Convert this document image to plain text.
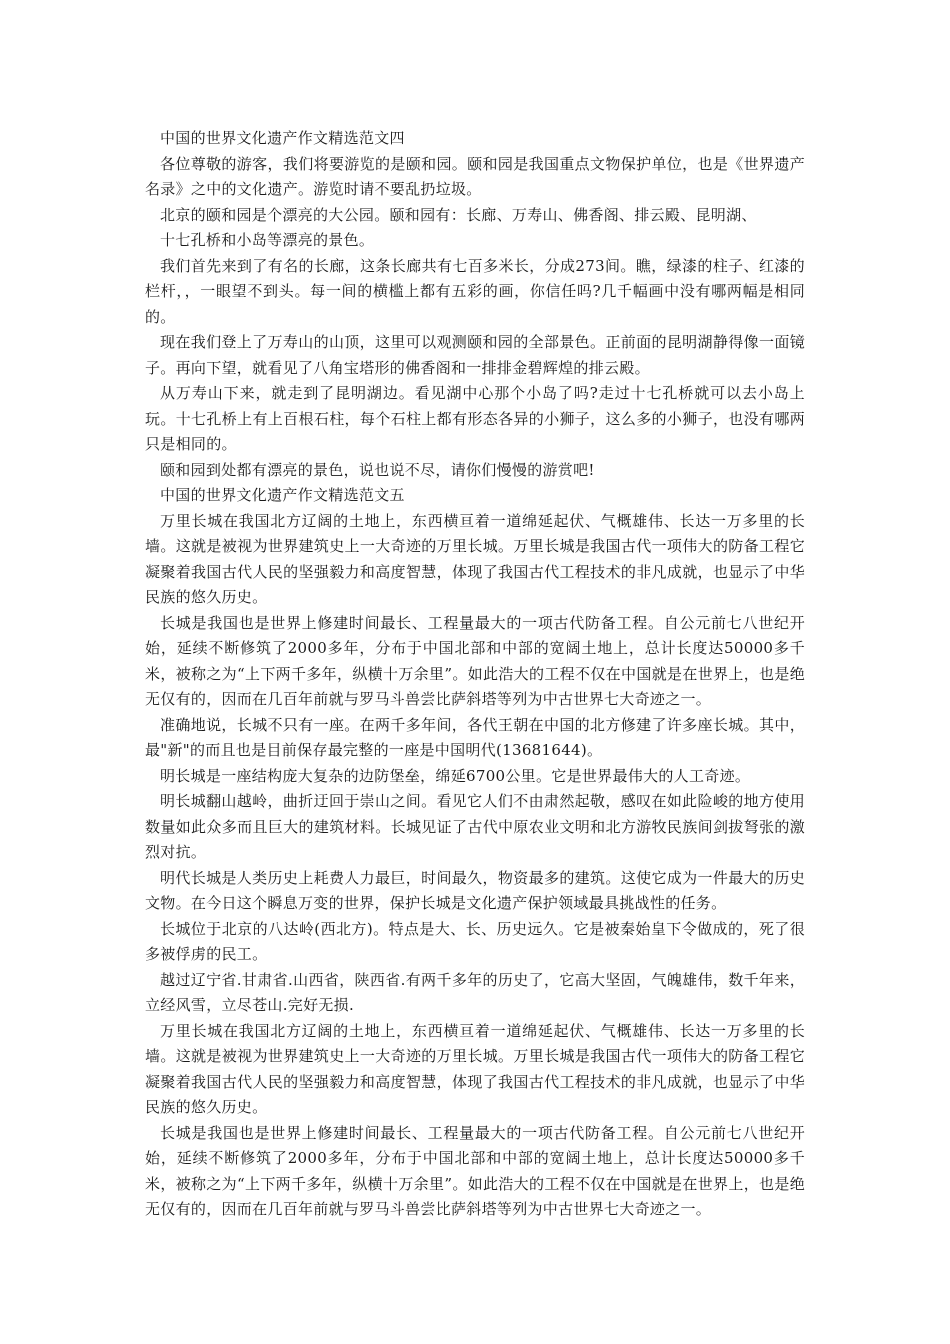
中国的世界文化遗产作文精选范文四

各位尊敬的游客，我们将要游览的是颐和园。颐和园是我国重点文物保护单位，也是《世界遗产名录》之中的文化遗产。游览时请不要乱扔垃圾。

北京的颐和园是个漂亮的大公园。颐和园有：长廊、万寿山、佛香阁、排云殿、昆明湖、

十七孔桥和小岛等漂亮的景色。

我们首先来到了有名的长廊，这条长廊共有七百多米长，分成273间。瞧，绿漆的柱子、红漆的栏杆，，一眼望不到头。每一间的横槛上都有五彩的画，你信任吗?几千幅画中没有哪两幅是相同的。

现在我们登上了万寿山的山顶，这里可以观测颐和园的全部景色。正前面的昆明湖静得像一面镜子。再向下望，就看见了八角宝塔形的佛香阁和一排排金碧辉煌的排云殿。

从万寿山下来，就走到了昆明湖边。看见湖中心那个小岛了吗?走过十七孔桥就可以去小岛上玩。十七孔桥上有上百根石柱，每个石柱上都有形态各异的小狮子，这么多的小狮子，也没有哪两只是相同的。

颐和园到处都有漂亮的景色，说也说不尽，请你们慢慢的游赏吧!

中国的世界文化遗产作文精选范文五

万里长城在我国北方辽阔的土地上，东西横亘着一道绵延起伏、气概雄伟、长达一万多里的长墙。这就是被视为世界建筑史上一大奇迹的万里长城。万里长城是我国古代一项伟大的防备工程它凝聚着我国古代人民的坚强毅力和高度智慧，体现了我国古代工程技术的非凡成就，也显示了中华民族的悠久历史。

长城是我国也是世界上修建时间最长、工程量最大的一项古代防备工程。自公元前七八世纪开始，延续不断修筑了2000多年，分布于中国北部和中部的宽阔土地上，总计长度达50000多千米，被称之为“上下两千多年，纵横十万余里”。如此浩大的工程不仅在中国就是在世界上，也是绝无仅有的，因而在几百年前就与罗马斗兽尝比萨斜塔等列为中古世界七大奇迹之一。

准确地说，长城不只有一座。在两千多年间，各代王朝在中国的北方修建了许多座长城。其中，最"新"的而且也是目前保存最完整的一座是中国明代(13681644)。

明长城是一座结构庞大复杂的边防堡垒，绵延6700公里。它是世界最伟大的人工奇迹。

明长城翻山越岭，曲折迂回于崇山之间。看见它人们不由肃然起敬，感叹在如此险峻的地方使用数量如此众多而且巨大的建筑材料。长城见证了古代中原农业文明和北方游牧民族间剑拔弩张的激烈对抗。

明代长城是人类历史上耗费人力最巨，时间最久，物资最多的建筑。这使它成为一件最大的历史文物。在今日这个瞬息万变的世界，保护长城是文化遗产保护领域最具挑战性的任务。

长城位于北京的八达岭(西北方)。特点是大、长、历史远久。它是被秦始皇下令做成的，死了很多被俘虏的民工。

越过辽宁省.甘肃省.山西省，陕西省.有两千多年的历史了，它高大坚固，气魄雄伟，数千年来，立经风雪，立尽苍山.完好无损.

万里长城在我国北方辽阔的土地上，东西横亘着一道绵延起伏、气概雄伟、长达一万多里的长墙。这就是被视为世界建筑史上一大奇迹的万里长城。万里长城是我国古代一项伟大的防备工程它凝聚着我国古代人民的坚强毅力和高度智慧，体现了我国古代工程技术的非凡成就，也显示了中华民族的悠久历史。

长城是我国也是世界上修建时间最长、工程量最大的一项古代防备工程。自公元前七八世纪开始，延续不断修筑了2000多年，分布于中国北部和中部的宽阔土地上，总计长度达50000多千米，被称之为“上下两千多年，纵横十万余里”。如此浩大的工程不仅在中国就是在世界上，也是绝无仅有的，因而在几百年前就与罗马斗兽尝比萨斜塔等列为中古世界七大奇迹之一。
